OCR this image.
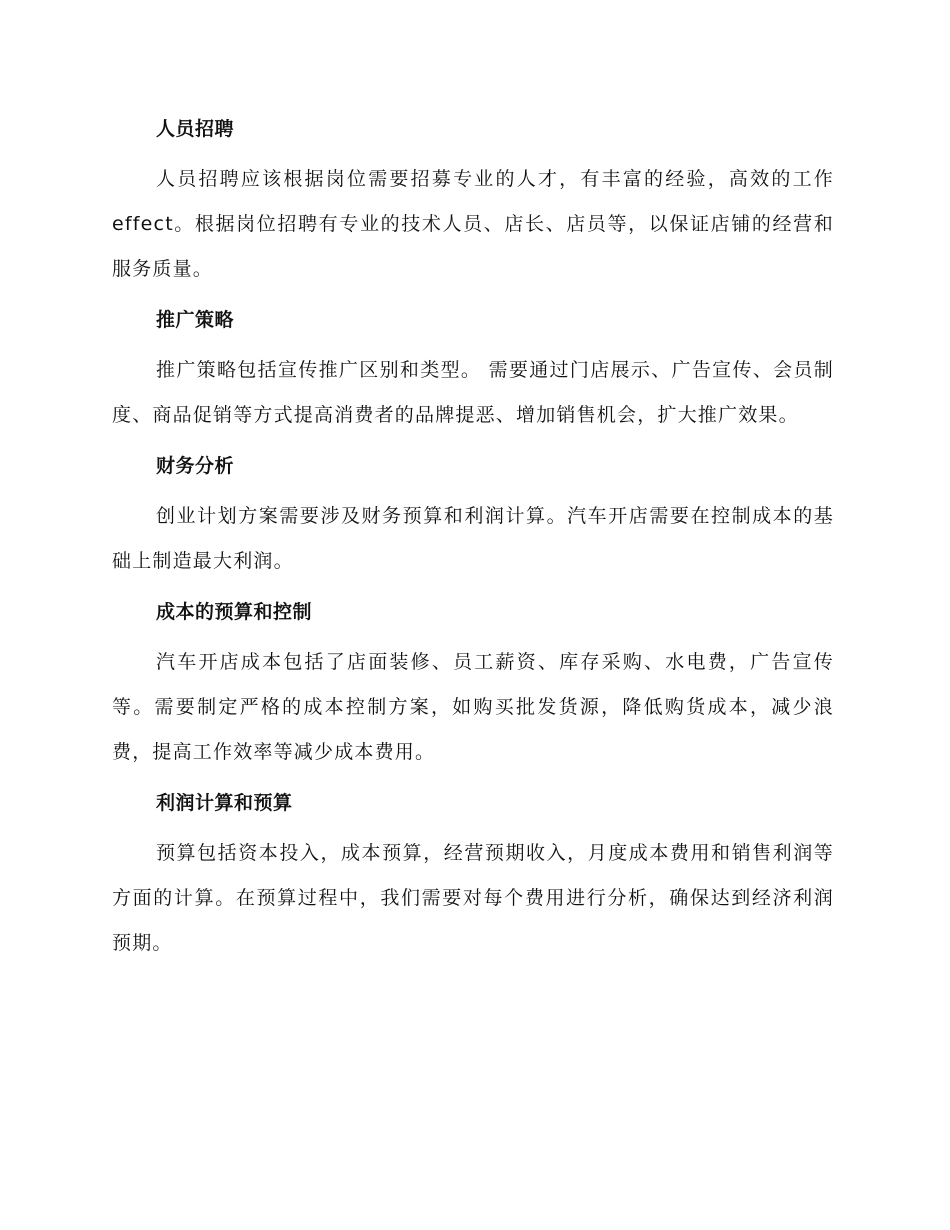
人员招聘

人员招聘应该根据岗位需要招募专业的人才，有丰富的经验，高效的工作 effect。根据岗位招聘有专业的技术人员、店长、店员等，以保证店铺的经营和服务质量。

推广策略

推广策略包括宣传推广区别和类型。 需要通过门店展示、广告宣传、会员制度、商品促销等方式提高消费者的品牌提恶、增加销售机会，扩大推广效果。

财务分析

创业计划方案需要涉及财务预算和利润计算。汽车开店需要在控制成本的基础上制造最大利润。

成本的预算和控制

汽车开店成本包括了店面装修、员工薪资、库存采购、水电费，广告宣传等。需要制定严格的成本控制方案，如购买批发货源，降低购货成本，减少浪费，提高工作效率等减少成本费用。

利润计算和预算

预算包括资本投入，成本预算，经营预期收入，月度成本费用和销售利润等方面的计算。在预算过程中，我们需要对每个费用进行分析，确保达到经济利润预期。
